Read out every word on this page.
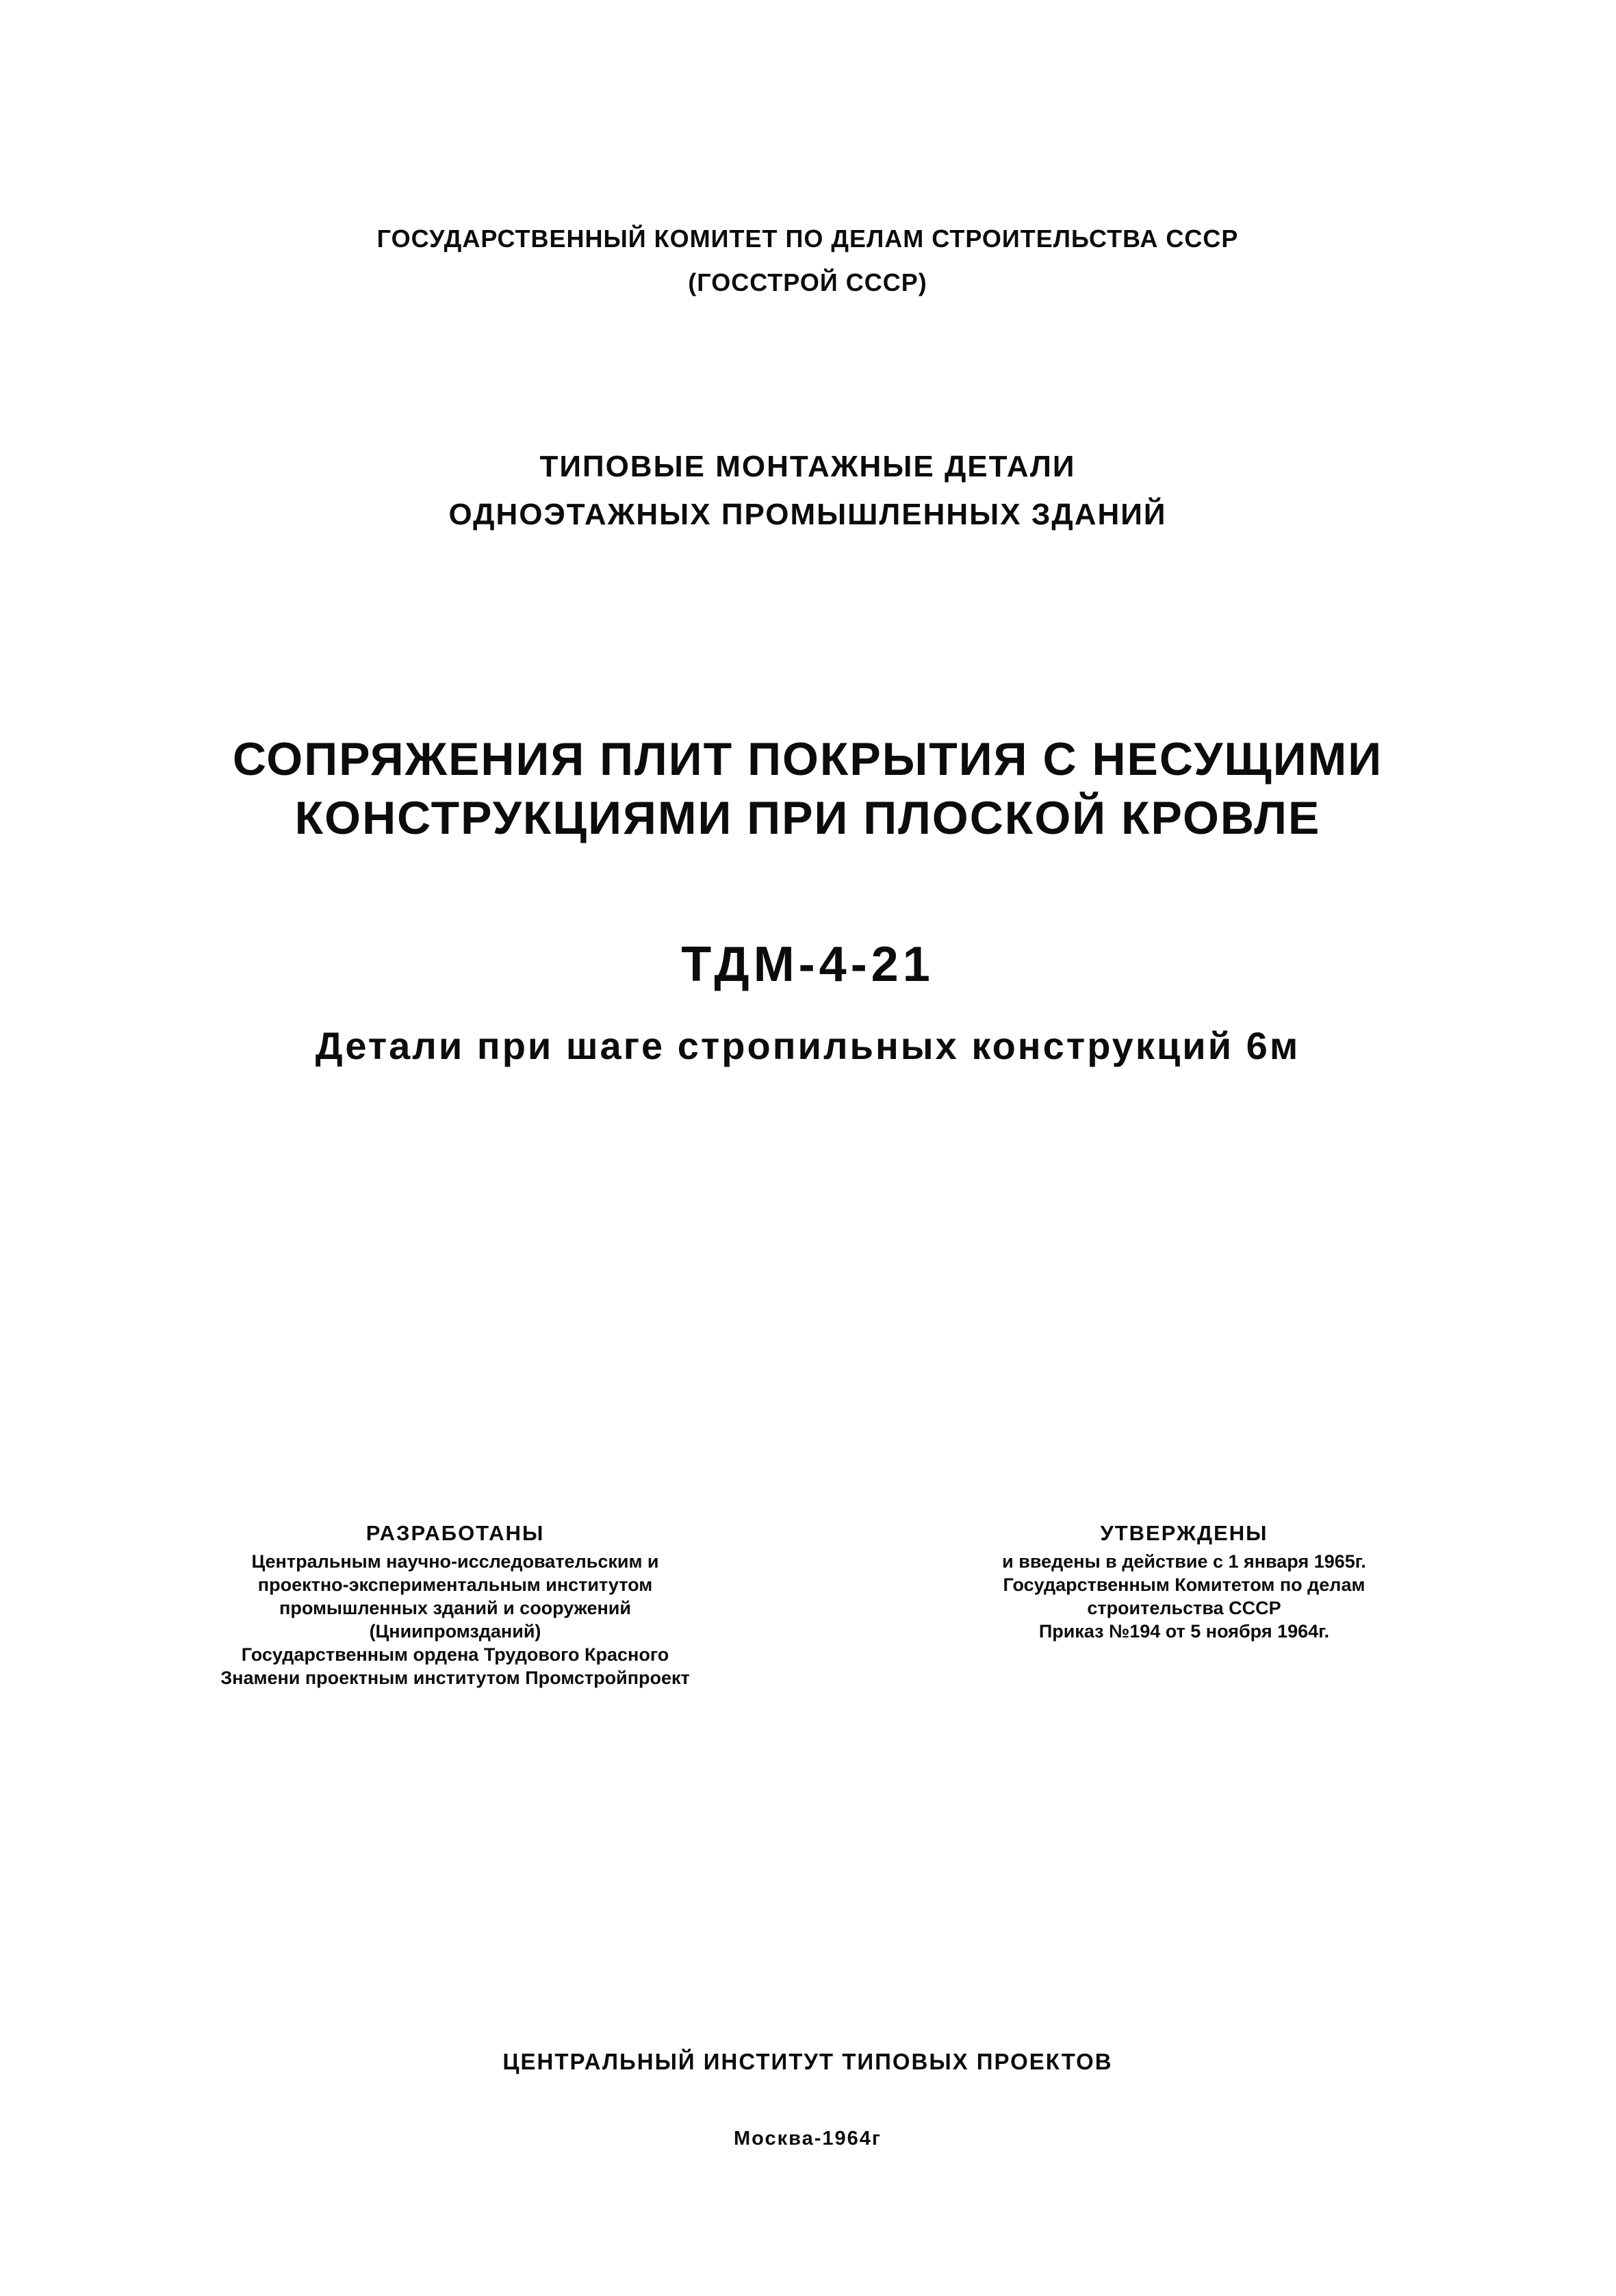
ГОСУДАРСТВЕННЫЙ КОМИТЕТ ПО ДЕЛАМ СТРОИТЕЛЬСТВА СССР
(ГОССТРОЙ СССР)
ТИПОВЫЕ МОНТАЖНЫЕ ДЕТАЛИ
ОДНОЭТАЖНЫХ ПРОМЫШЛЕННЫХ ЗДАНИЙ
СОПРЯЖЕНИЯ ПЛИТ ПОКРЫТИЯ С НЕСУЩИМИ
КОНСТРУКЦИЯМИ ПРИ ПЛОСКОЙ КРОВЛЕ
ТДМ-4-21
Детали при шаге стропильных конструкций 6м
РАЗРАБОТАНЫ
Центральным научно-исследовательским и
проектно-экспериментальным институтом
промышленных зданий и сооружений
(Цниипромзданий)
Государственным ордена Трудового Красного
Знамени проектным институтом Промстройпроект
УТВЕРЖДЕНЫ
и введены в действие с 1 января 1965г.
Государственным Комитетом по делам
строительства СССР
Приказ №194 от 5 ноября 1964г.
ЦЕНТРАЛЬНЫЙ ИНСТИТУТ ТИПОВЫХ ПРОЕКТОВ
Москва-1964г
